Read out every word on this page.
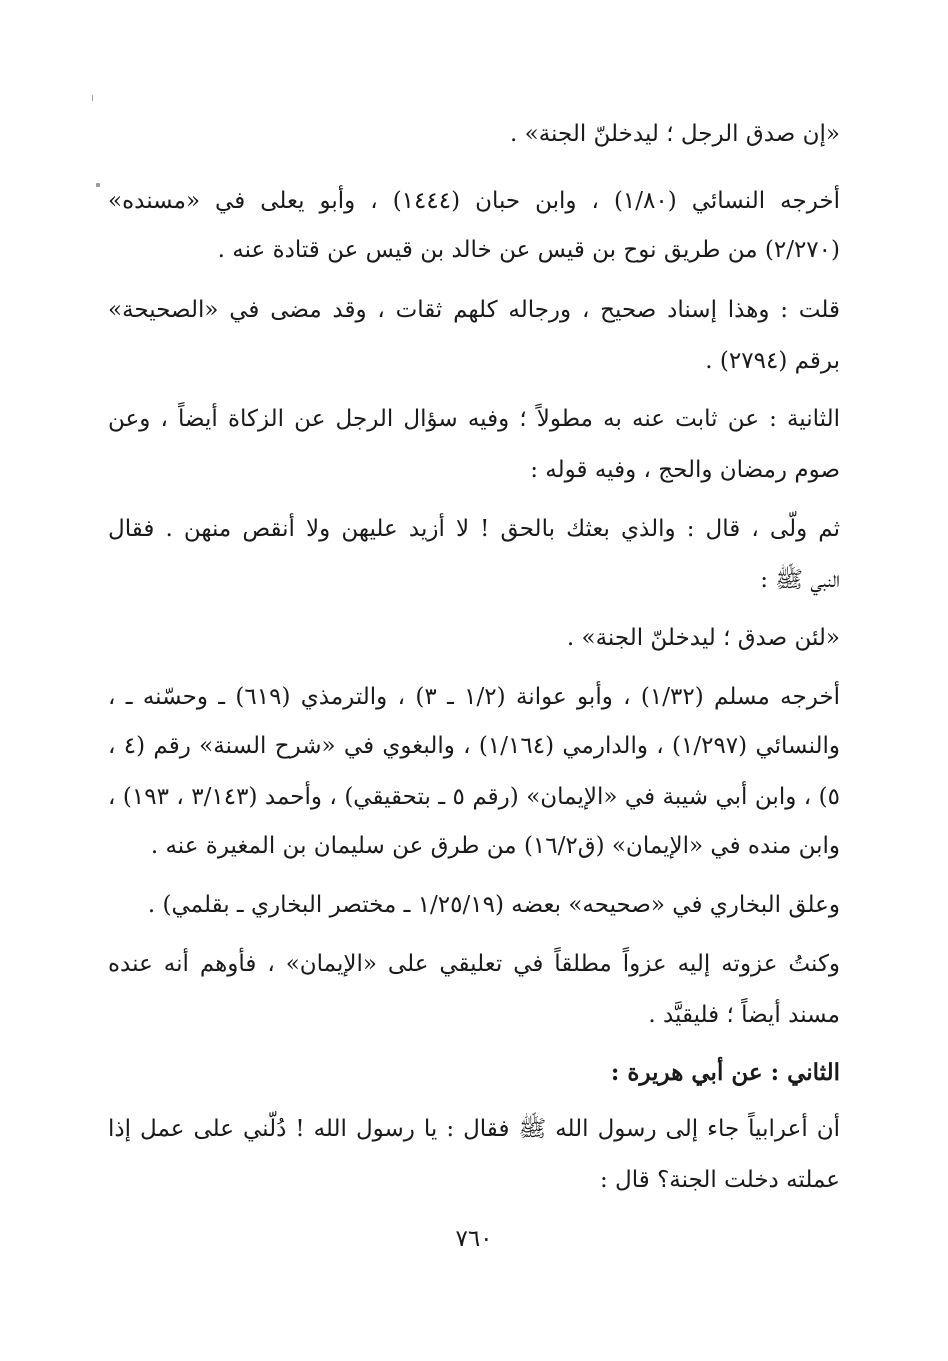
«إن صدق الرجل ؛ ليدخلنّ الجنة» .
أخرجه النسائي (١/٨٠) ، وابن حبان (١٤٤٤) ، وأبو يعلى في «مسنده»
(٢/٢٧٠) من طريق نوح بن قيس عن خالد بن قيس عن قتادة عنه .
قلت : وهذا إسناد صحيح ، ورجاله كلهم ثقات ، وقد مضى في «الصحيحة»
برقم (٢٧٩٤) .
الثانية : عن ثابت عنه به مطولاً ؛ وفيه سؤال الرجل عن الزكاة أيضاً ، وعن
صوم رمضان والحج ، وفيه قوله :
ثم ولّى ، قال : والذي بعثك بالحق ! لا أزيد عليهن ولا أنقص منهن . فقال
النبي ﷺ :
«لئن صدق ؛ ليدخلنّ الجنة» .
أخرجه مسلم (١/٣٢) ، وأبو عوانة (١/٢ ـ ٣) ، والترمذي (٦١٩) ـ وحسّنه ـ ،
والنسائي (١/٢٩٧) ، والدارمي (١/١٦٤) ، والبغوي في «شرح السنة» رقم (٤ ،
٥) ، وابن أبي شيبة في «الإيمان» (رقم ٥ ـ بتحقيقي) ، وأحمد (٣/١٤٣ ، ١٩٣) ،
وابن منده في «الإيمان» (ق١٦/٢) من طرق عن سليمان بن المغيرة عنه .
وعلق البخاري في «صحيحه» بعضه (١/٢٥/١٩ ـ مختصر البخاري ـ بقلمي) .
وكنتُ عزوته إليه عزواً مطلقاً في تعليقي على «الإيمان» ، فأوهم أنه عنده
مسند أيضاً ؛ فليقيَّد .
الثاني : عن أبي هريرة :
أن أعرابياً جاء إلى رسول الله ﷺ فقال : يا رسول الله ! دُلّني على عمل إذا
عملته دخلت الجنة؟ قال :
٧٦٠
